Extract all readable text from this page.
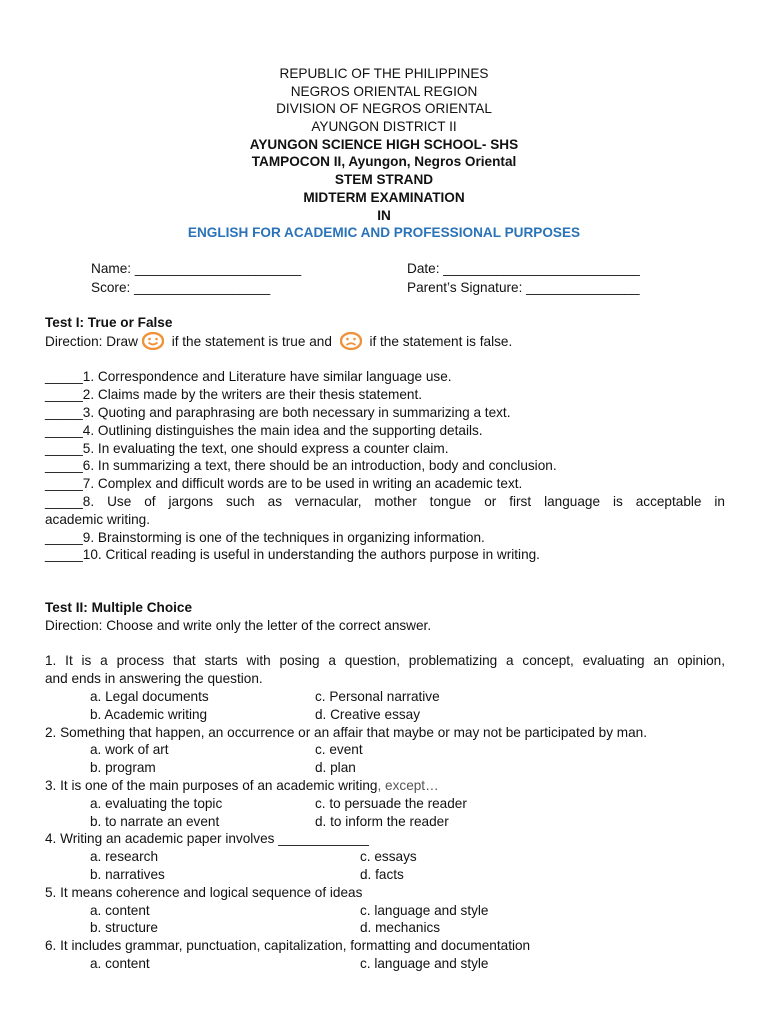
REPUBLIC OF THE PHILIPPINES
NEGROS ORIENTAL REGION
DIVISION OF NEGROS ORIENTAL
AYUNGON DISTRICT II
AYUNGON SCIENCE HIGH SCHOOL- SHS
TAMPOCON II, Ayungon, Negros Oriental
STEM STRAND
MIDTERM EXAMINATION
IN
ENGLISH FOR ACADEMIC AND PROFESSIONAL PURPOSES
Name: ______________________	Date: __________________________
Score: __________________	Parent’s Signature: _______________
Test I: True or False
Direction: Draw if the statement is true and  if the statement is false.
_____1. Correspondence and Literature have similar language use.
_____2. Claims made by the writers are their thesis statement.
_____3. Quoting and paraphrasing are both necessary in summarizing a text.
_____4. Outlining distinguishes the main idea and the supporting details.
_____5. In evaluating the text, one should express a counter claim.
_____6. In summarizing a text, there should be an introduction, body and conclusion.
_____7. Complex and difficult words are to be used in writing an academic text.
_____8. Use of jargons such as vernacular, mother tongue or first language is acceptable in
academic writing.
_____9. Brainstorming is one of the techniques in organizing information.
_____10. Critical reading is useful in understanding the authors purpose in writing.
Test II: Multiple Choice
Direction: Choose and write only the letter of the correct answer.
1. It is a process that starts with posing a question, problematizing a concept, evaluating an opinion,
and ends in answering the question.
a. Legal documents	c. Personal narrative
b. Academic writing	d. Creative essay
2. Something that happen, an occurrence or an affair that maybe or may not be participated by man.
a. work of art	c. event
b. program	d. plan
3. It is one of the main purposes of an academic writing, except…
a. evaluating the topic	c. to persuade the reader
b. to narrate an event	d. to inform the reader
4. Writing an academic paper involves ____________
a. research	c. essays
b. narratives	d. facts
5. It means coherence and logical sequence of ideas
a. content	c. language and style
b. structure	d. mechanics
6. It includes grammar, punctuation, capitalization, formatting and documentation
a. content	c. language and style
